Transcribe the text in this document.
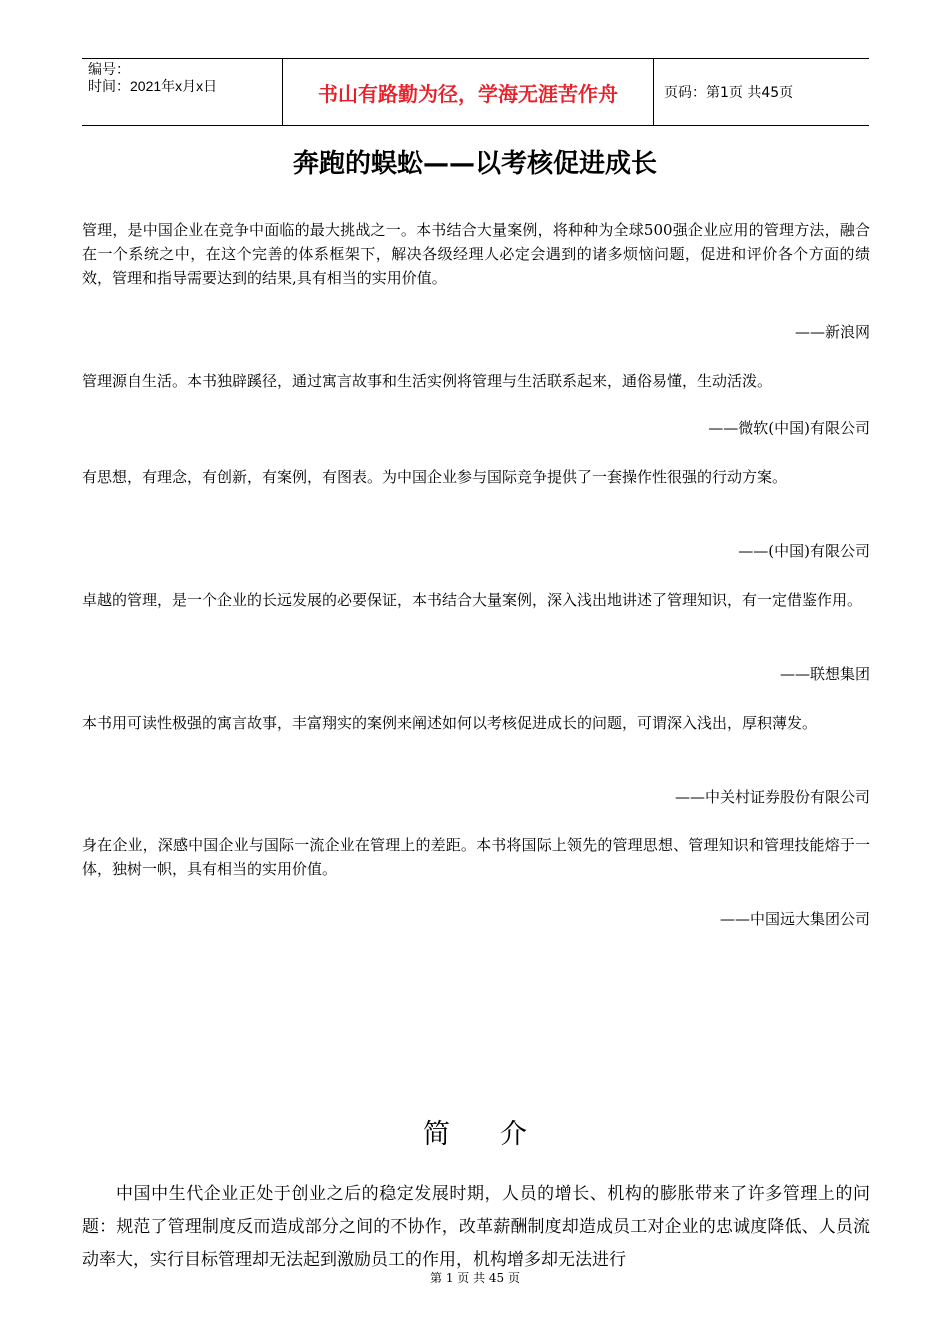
编号：
时间：2021年x月x日	书山有路勤为径，学海无涯苦作舟	页码：第1页 共45页
奔跑的蜈蚣——以考核促进成长
管理，是中国企业在竞争中面临的最大挑战之一。本书结合大量案例，将种种为全球500强企业应用的管理方法，融合在一个系统之中，在这个完善的体系框架下，解决各级经理人必定会遇到的诸多烦恼问题，促进和评价各个方面的绩效，管理和指导需要达到的结果,具有相当的实用价值。
——新浪网
管理源自生活。本书独辟蹊径，通过寓言故事和生活实例将管理与生活联系起来，通俗易懂，生动活泼。
——微软(中国)有限公司
有思想，有理念，有创新，有案例，有图表。为中国企业参与国际竞争提供了一套操作性很强的行动方案。
——(中国)有限公司
卓越的管理，是一个企业的长远发展的必要保证，本书结合大量案例，深入浅出地讲述了管理知识，有一定借鉴作用。
——联想集团
本书用可读性极强的寓言故事，丰富翔实的案例来阐述如何以考核促进成长的问题，可谓深入浅出，厚积薄发。
——中关村证券股份有限公司
身在企业，深感中国企业与国际一流企业在管理上的差距。本书将国际上领先的管理思想、管理知识和管理技能熔于一体，独树一帜，具有相当的实用价值。
——中国远大集团公司
简介
中国中生代企业正处于创业之后的稳定发展时期，人员的增长、机构的膨胀带来了许多管理上的问题：规范了管理制度反而造成部分之间的不协作，改革薪酬制度却造成员工对企业的忠诚度降低、人员流动率大，实行目标管理却无法起到激励员工的作用，机构增多却无法进行
第 1 页 共 45 页
